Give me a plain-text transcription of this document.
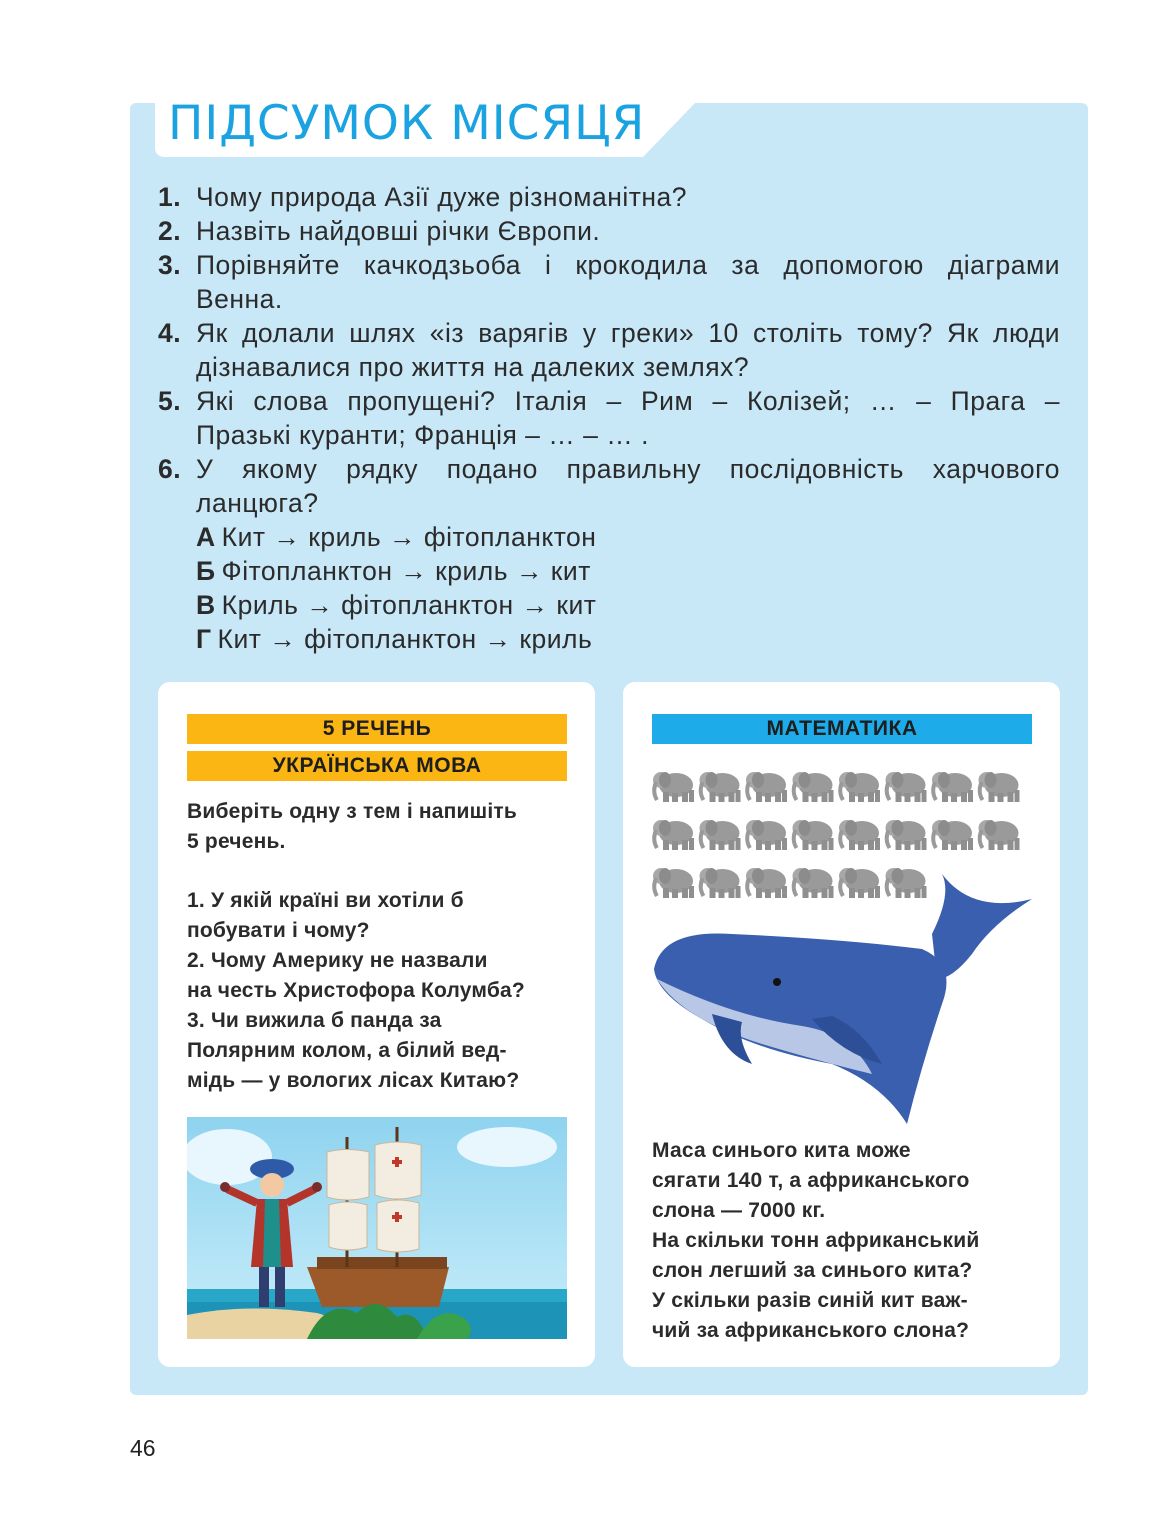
ПІДСУМОК МІСЯЦЯ
1. Чому природа Азії дуже різноманітна?
2. Назвіть найдовші річки Європи.
3. Порівняйте качкодзьоба і крокодила за допомогою діаграми
Венна.
4. Як долали шлях «із варягів у греки» 10 століть тому? Як люди
дізнавалися про життя на далеких землях?
5. Які слова пропущені? Італія – Рим – Колізей; … – Прага –
Празькі куранти; Франція – … – … .
6. У якому рядку подано правильну послідовність харчового
ланцюга?
А Кит → криль → фітопланктон
Б Фітопланктон → криль → кит
В Криль → фітопланктон → кит
Г Кит → фітопланктон → криль
5 РЕЧЕНЬ
УКРАЇНСЬКА МОВА
Виберіть одну з тем і напишіть
5 речень.
1. У якій країні ви хотіли б
побувати і чому?
2. Чому Америку не назвали
на честь Христофора Колумба?
3. Чи вижила б панда за
Полярним колом, а білий вед-
мідь — у вологих лісах Китаю?
МАТЕМАТИКА
Маса синього кита може
сягати 140 т, а африканського
слона — 7000 кг.
На скільки тонн африканський
слон легший за синього кита?
У скільки разів синій кит важ-
чий за африканського слона?
46
